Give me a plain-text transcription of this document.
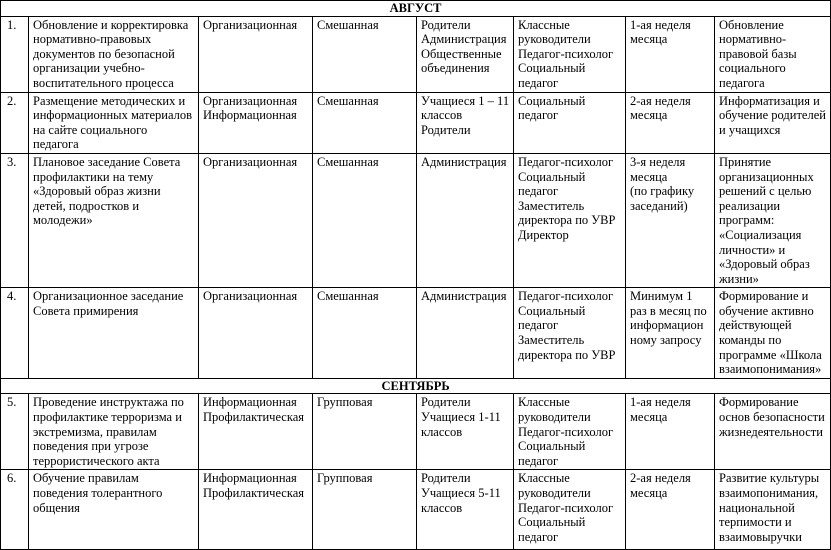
АВГУСТ							
1.	Обновление и корректировка нормативно-правовых документов по безопасной организации учебно-воспитательного процесса	Организационная	Смешанная	Родители
Администрация
Общественные объединения	Классные руководители
Педагог-психолог
Социальный педагог	1-ая неделя месяца	Обновление нормативно-правовой базы социального педагога
2.	Размещение методических и информационных материалов на сайте социального педагога	Организационная
Информационная	Смешанная	Учащиеся 1 – 11 классов
Родители	Социальный педагог	2-ая неделя месяца	Информатизация и обучение родителей и учащихся
3.	Плановое заседание Совета профилактики на тему «Здоровый образ жизни детей, подростков и молодежи»	Организационная	Смешанная	Администрация	Педагог-психолог
Социальный педагог
Заместитель директора по УВР
Директор	3-я неделя месяца
(по графику заседаний)	Принятие организационных решений с целью реализации программ: «Социализация личности» и «Здоровый образ жизни»
4.	Организационное заседание Совета примирения	Организационная	Смешанная	Администрация	Педагог-психолог
Социальный педагог
Заместитель директора по УВР	Минимум 1 раз в месяц по информацион ному запросу	Формирование и обучение активно действующей команды по программе «Школа взаимопонимания»
СЕНТЯБРЬ							
5.	Проведение инструктажа по профилактике терроризма и экстремизма, правилам поведения при угрозе террористического акта	Информационная
Профилактическая	Групповая	Родители
Учащиеся 1-11 классов	Классные руководители
Педагог-психолог
Социальный педагог	1-ая неделя месяца	Формирование основ безопасности жизнедеятельности
6.	Обучение правилам поведения толерантного общения	Информационная
Профилактическая	Групповая	Родители
Учащиеся 5-11 классов	Классные руководители
Педагог-психолог
Социальный педагог	2-ая неделя месяца	Развитие культуры взаимопонимания, национальной терпимости и взаимовыручки
